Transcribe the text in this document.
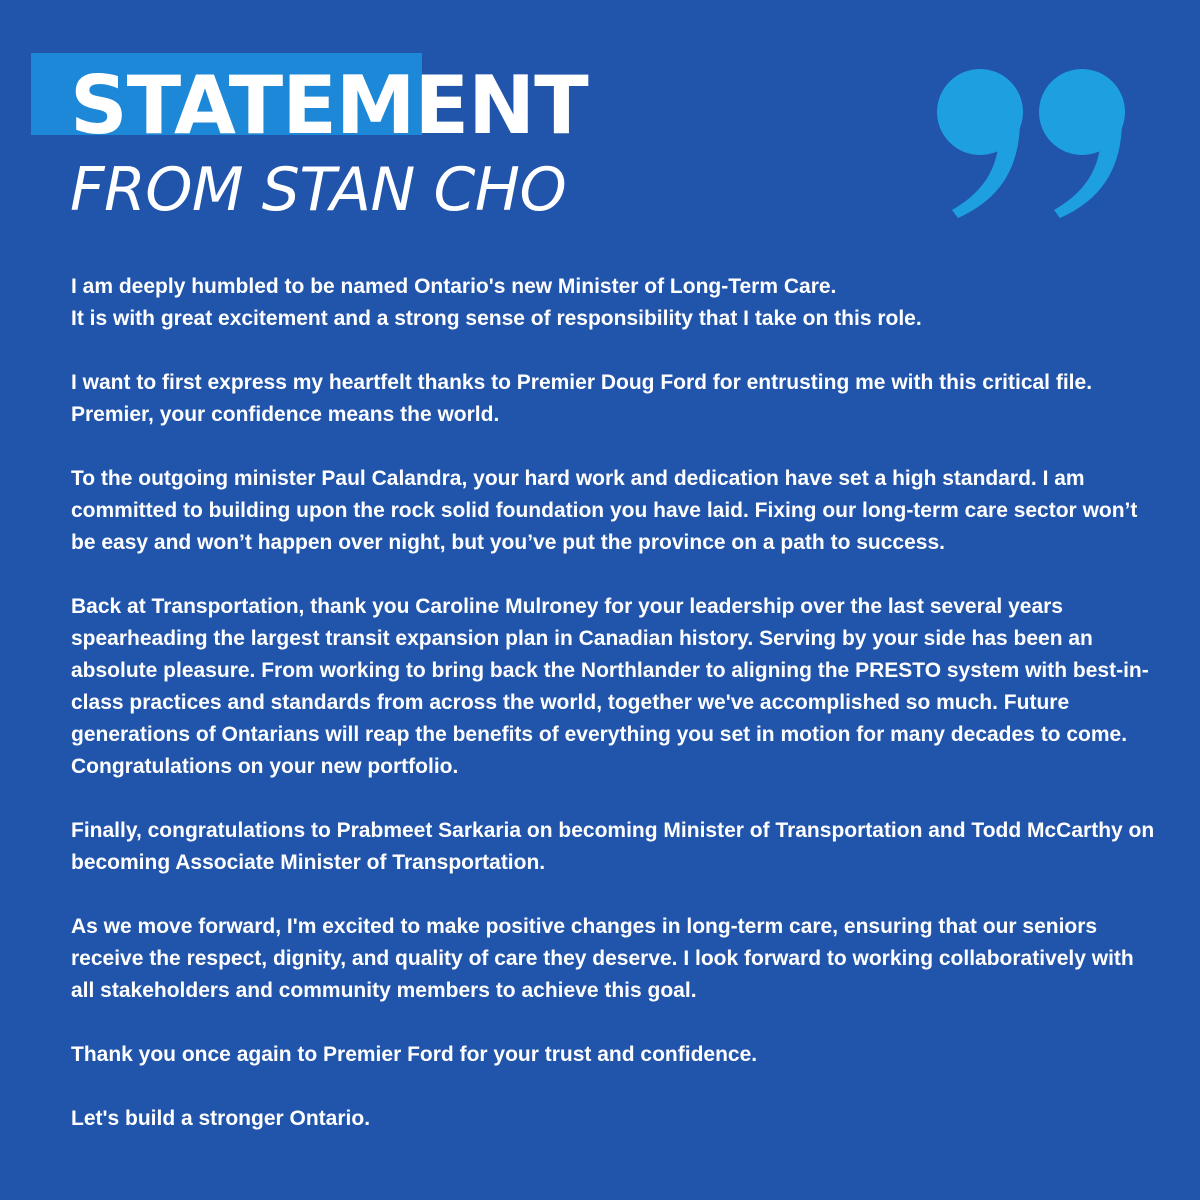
STATEMENT
FROM STAN CHO

I am deeply humbled to be named Ontario's new Minister of Long-Term Care.
It is with great excitement and a strong sense of responsibility that I take on this role.

I want to first express my heartfelt thanks to Premier Doug Ford for entrusting me with this critical file. Premier, your confidence means the world.

To the outgoing minister Paul Calandra, your hard work and dedication have set a high standard. I am committed to building upon the rock solid foundation you have laid. Fixing our long-term care sector won’t be easy and won’t happen over night, but you’ve put the province on a path to success.

Back at Transportation, thank you Caroline Mulroney for your leadership over the last several years spearheading the largest transit expansion plan in Canadian history. Serving by your side has been an absolute pleasure. From working to bring back the Northlander to aligning the PRESTO system with best-in-class practices and standards from across the world, together we've accomplished so much. Future generations of Ontarians will reap the benefits of everything you set in motion for many decades to come. Congratulations on your new portfolio.

Finally, congratulations to Prabmeet Sarkaria on becoming Minister of Transportation and Todd McCarthy on becoming Associate Minister of Transportation.

As we move forward, I'm excited to make positive changes in long-term care, ensuring that our seniors receive the respect, dignity, and quality of care they deserve. I look forward to working collaboratively with all stakeholders and community members to achieve this goal.

Thank you once again to Premier Ford for your trust and confidence.

Let's build a stronger Ontario.
